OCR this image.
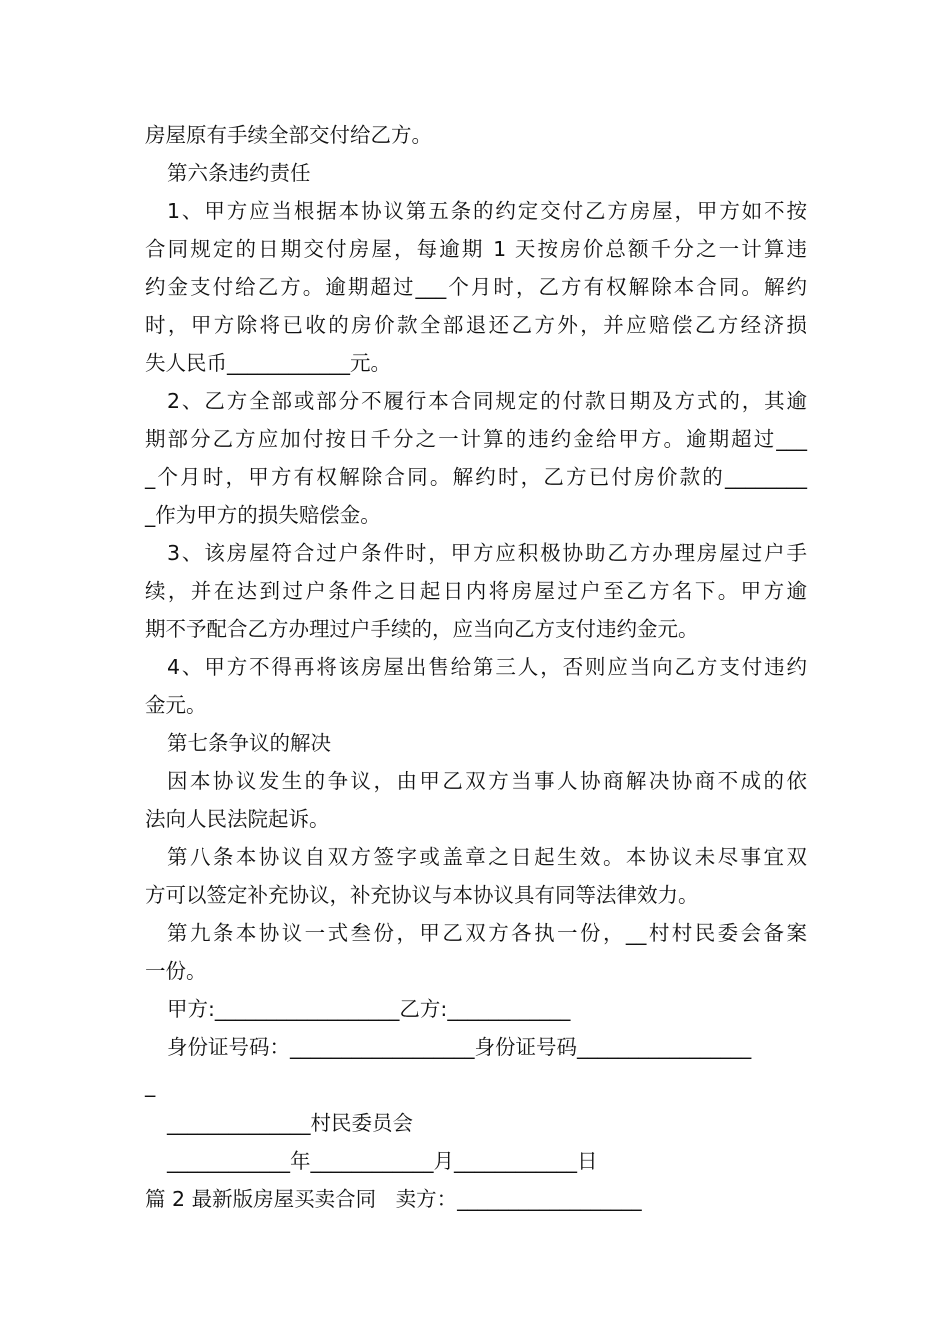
房屋原有手续全部交付给乙方。
第六条违约责任
1、甲方应当根据本协议第五条的约定交付乙方房屋，甲方如不按
合同规定的日期交付房屋，每逾期 1 天按房价总额千分之一计算违
约金支付给乙方。逾期超过___个月时，乙方有权解除本合同。解约
时，甲方除将已收的房价款全部退还乙方外，并应赔偿乙方经济损
失人民币____________元。
2、乙方全部或部分不履行本合同规定的付款日期及方式的，其逾
期部分乙方应加付按日千分之一计算的违约金给甲方。逾期超过___
_个月时，甲方有权解除合同。解约时，乙方已付房价款的________
_作为甲方的损失赔偿金。
3、该房屋符合过户条件时，甲方应积极协助乙方办理房屋过户手
续，并在达到过户条件之日起日内将房屋过户至乙方名下。甲方逾
期不予配合乙方办理过户手续的，应当向乙方支付违约金元。
4、甲方不得再将该房屋出售给第三人，否则应当向乙方支付违约
金元。
第七条争议的解决
因本协议发生的争议，由甲乙双方当事人协商解决协商不成的依
法向人民法院起诉。
第八条本协议自双方签字或盖章之日起生效。本协议未尽事宜双
方可以签定补充协议，补充协议与本协议具有同等法律效力。
第九条本协议一式叁份，甲乙双方各执一份，__村村民委会备案
一份。
甲方:__________________乙方:____________
身份证号码：__________________身份证号码_________________
_
______________村民委员会
____________年____________月____________日
篇 2 最新版房屋买卖合同   卖方：__________________
